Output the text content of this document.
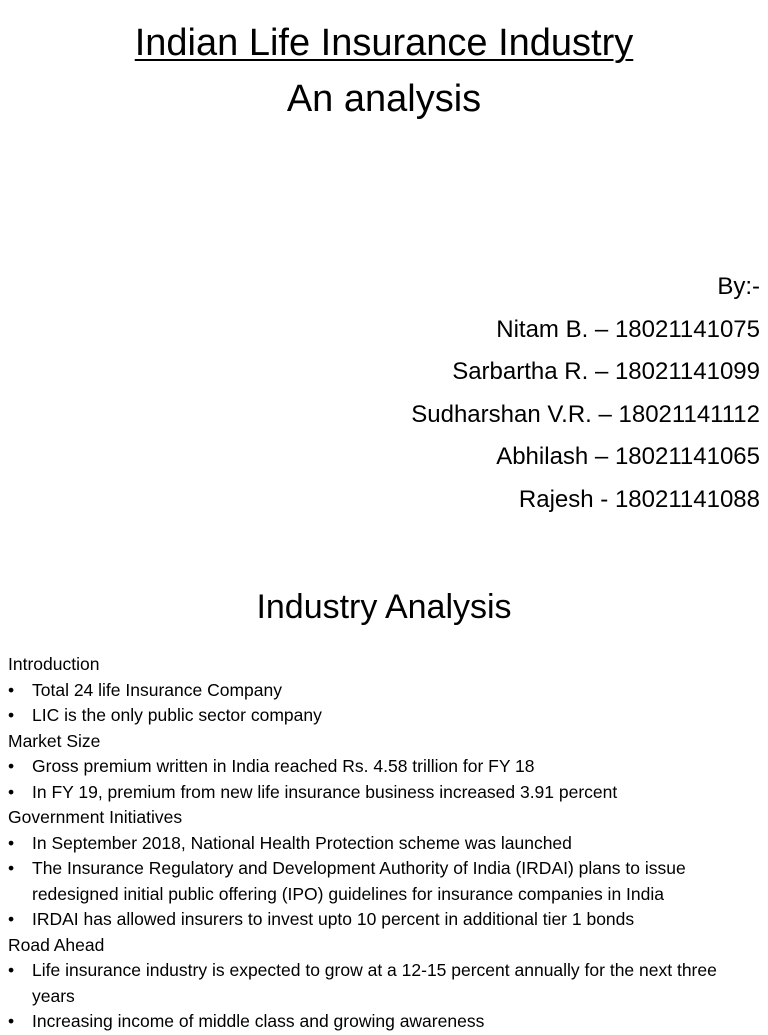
Indian Life Insurance Industry
An analysis
By:-
Nitam B. – 18021141075
Sarbartha R. – 18021141099
Sudharshan V.R. – 18021141112
Abhilash – 18021141065
Rajesh - 18021141088
Industry Analysis
Introduction
•	Total 24 life Insurance Company
•	LIC is the only public sector company
Market Size
•	Gross premium written in India reached Rs. 4.58 trillion for FY 18
•	In FY 19, premium from new life insurance business increased 3.91 percent
Government Initiatives
•	In September 2018, National Health Protection scheme was launched
•	The Insurance Regulatory and Development Authority of India (IRDAI) plans to issue redesigned initial public offering (IPO) guidelines for insurance companies in India
•	IRDAI has allowed insurers to invest upto 10 percent in additional tier 1 bonds
Road Ahead
•	Life insurance industry is expected to grow at a 12-15 percent annually for the next three years
•	Increasing income of middle class and growing awareness
